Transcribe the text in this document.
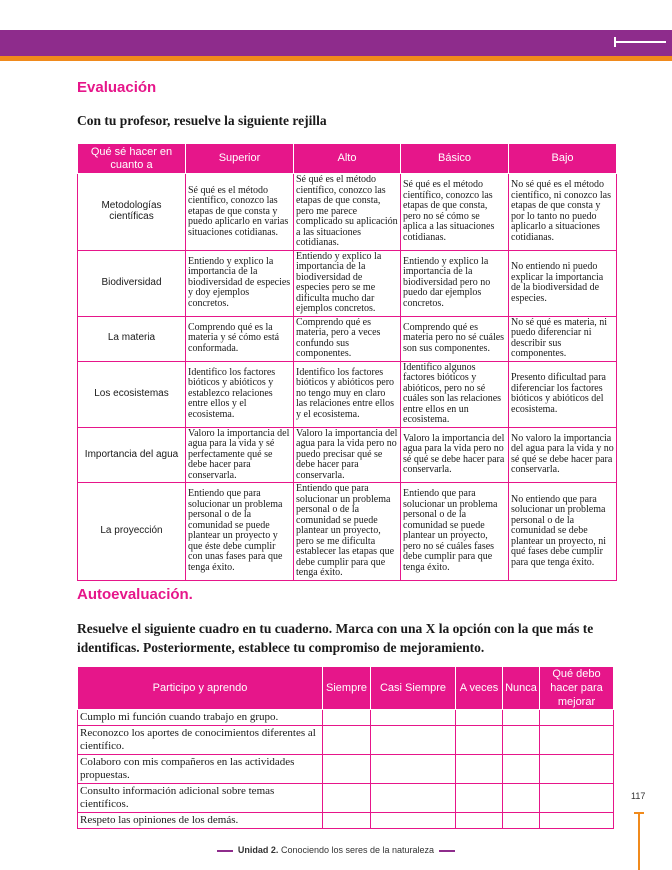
Evaluación

Con tu profesor, resuelve la siguiente rejilla

Qué sé hacer en cuanto a	Superior	Alto	Básico	Bajo
Metodologías científicas	Sé qué es el método científico, conozco las etapas de que consta y puedo aplicarlo en varias situaciones cotidianas.	Sé qué es el método científico, conozco las etapas de que consta, pero me parece complicado su aplicación a las situaciones cotidianas.	Sé qué es el método científico, conozco las etapas de que consta, pero no sé cómo se aplica a las situaciones cotidianas.	No sé qué es el método científico, ni conozco las etapas de que consta y por lo tanto no puedo aplicarlo a situaciones cotidianas.
Biodiversidad	Entiendo y explico la importancia de la biodiversidad de especies y doy ejemplos concretos.	Entiendo y explico la importancia de la biodiversidad de especies pero se me dificulta mucho dar ejemplos concretos.	Entiendo y explico la importancia de la biodiversidad pero no puedo dar ejemplos concretos.	No entiendo ni puedo explicar la importancia de la biodiversidad de especies.
La materia	Comprendo qué es la materia y sé cómo está conformada.	Comprendo qué es materia, pero a veces confundo sus componentes.	Comprendo qué es materia pero no sé cuáles son sus componentes.	No sé qué es materia, ni puedo diferenciar ni describir sus componentes.
Los ecosistemas	Identifico los factores bióticos y abióticos y establezco relaciones entre ellos y el ecosistema.	Identifico los factores bióticos y abióticos pero no tengo muy en claro las relaciones entre ellos y el ecosistema.	Identifico algunos factores bióticos y abióticos, pero no sé cuáles son las relaciones entre ellos en un ecosistema.	Presento dificultad para diferenciar los factores bióticos y abióticos del ecosistema.
Importancia del agua	Valoro la importancia del agua para la vida y sé perfectamente qué se debe hacer para conservarla.	Valoro la importancia del agua para la vida pero no puedo precisar qué se debe hacer para conservarla.	Valoro la importancia del agua para la vida pero no sé qué se debe hacer para conservarla.	No valoro la importancia del agua para la vida y no sé qué se debe hacer para conservarla.
La proyección	Entiendo que para solucionar un problema personal o de la comunidad se puede plantear un proyecto y que éste debe cumplir con unas fases para que tenga éxito.	Entiendo que para solucionar un problema personal o de la comunidad se puede plantear un proyecto, pero se me dificulta establecer las etapas que debe cumplir para que tenga éxito.	Entiendo que para solucionar un problema personal o de la comunidad se puede plantear un proyecto, pero no sé cuáles fases debe cumplir para que tenga éxito.	No entiendo que para solucionar un problema personal o de la comunidad se debe plantear un proyecto, ni qué fases debe cumplir para que tenga éxito.
Autoevaluación.

Resuelve el siguiente cuadro en tu cuaderno. Marca con una X la opción con la que más te identificas. Posteriormente, establece tu compromiso de mejoramiento.

Participo y aprendo	Siempre	Casi Siempre	A veces	Nunca	Qué debo hacer para mejorar
Cumplo mi función cuando trabajo en grupo.					
Reconozco los aportes de conocimientos diferentes al científico.					
Colaboro con mis compañeros en las actividades propuestas.					
Consulto información adicional sobre temas científicos.					
Respeto las opiniones de los demás.					
117
Unidad 2. Conociendo los seres de la naturaleza
